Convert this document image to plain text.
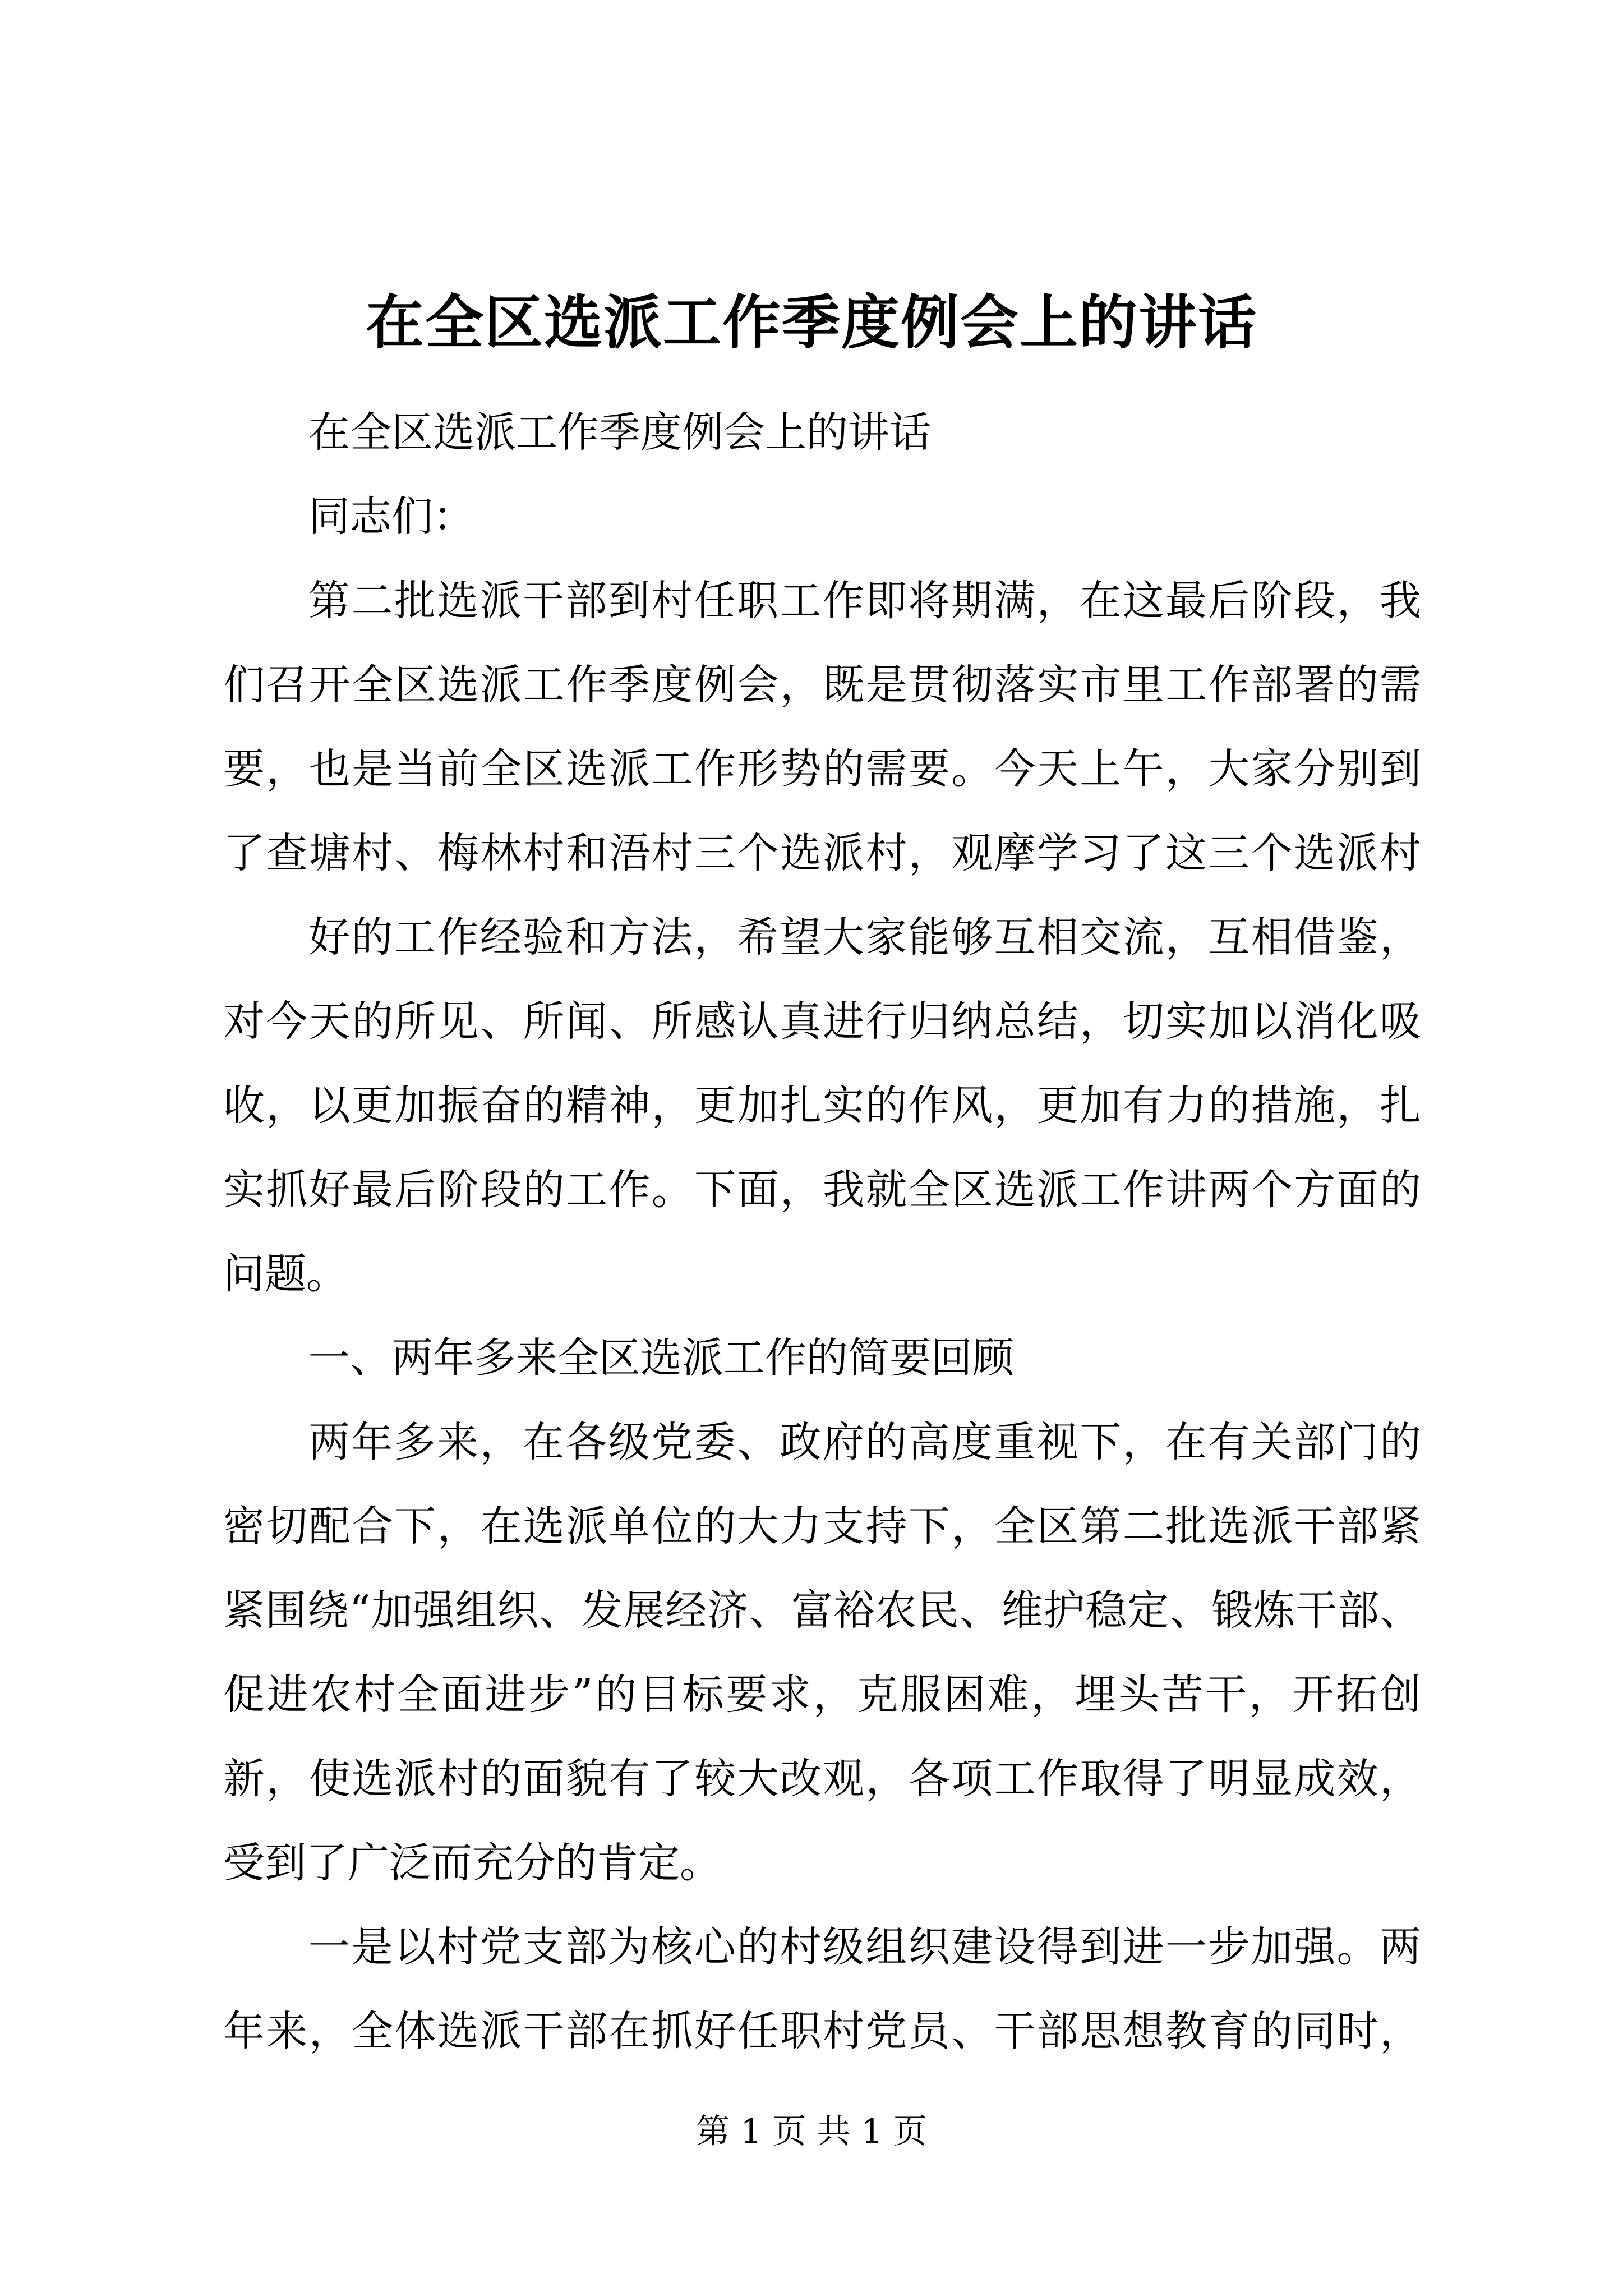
在全区选派工作季度例会上的讲话
在全区选派工作季度例会上的讲话
同志们：
第二批选派干部到村任职工作即将期满，在这最后阶段，我
们召开全区选派工作季度例会，既是贯彻落实市里工作部署的需
要，也是当前全区选派工作形势的需要。今天上午，大家分别到
了查塘村、梅林村和浯村三个选派村，观摩学习了这三个选派村
好的工作经验和方法，希望大家能够互相交流，互相借鉴，
对今天的所见、所闻、所感认真进行归纳总结，切实加以消化吸
收，以更加振奋的精神，更加扎实的作风，更加有力的措施，扎
实抓好最后阶段的工作。下面，我就全区选派工作讲两个方面的
问题。
一、两年多来全区选派工作的简要回顾
两年多来，在各级党委、政府的高度重视下，在有关部门的
密切配合下，在选派单位的大力支持下，全区第二批选派干部紧
紧围绕“加强组织、发展经济、富裕农民、维护稳定、锻炼干部、
促进农村全面进步”的目标要求，克服困难，埋头苦干，开拓创
新，使选派村的面貌有了较大改观，各项工作取得了明显成效，
受到了广泛而充分的肯定。
一是以村党支部为核心的村级组织建设得到进一步加强。两
年来，全体选派干部在抓好任职村党员、干部思想教育的同时，
第 1 页 共 1 页
